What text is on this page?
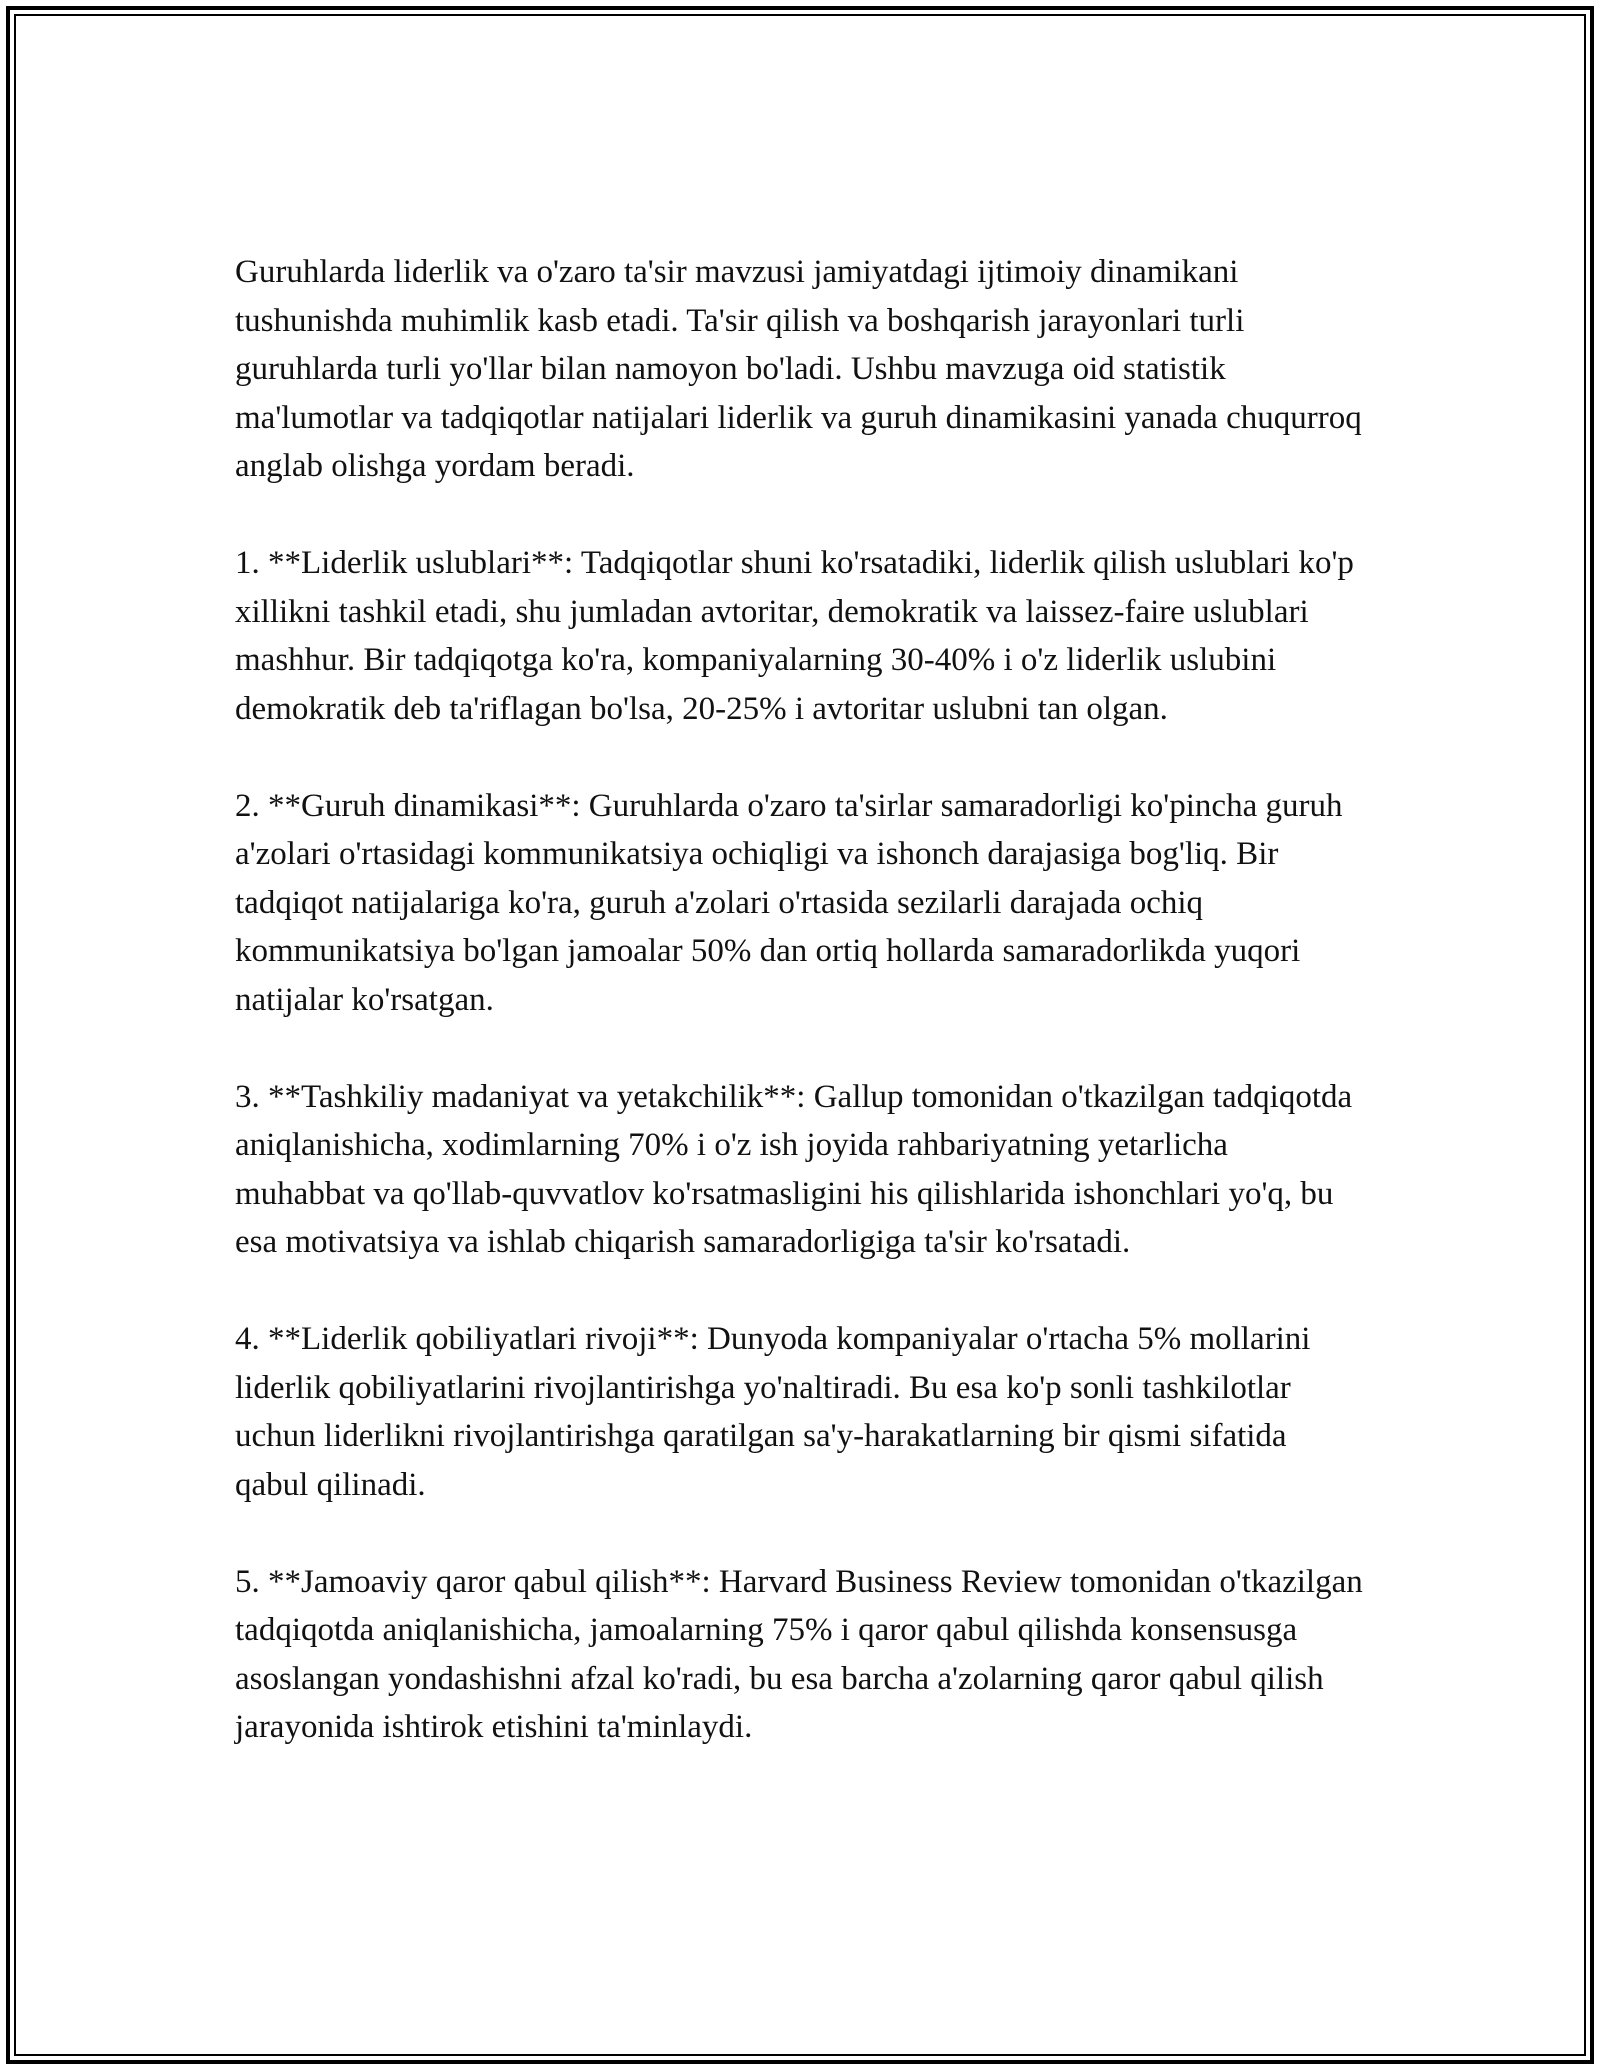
Guruhlarda liderlik va o'zaro ta'sir mavzusi jamiyatdagi ijtimoiy dinamikani tushunishda muhimlik kasb etadi. Ta'sir qilish va boshqarish jarayonlari turli guruhlarda turli yo'llar bilan namoyon bo'ladi. Ushbu mavzuga oid statistik ma'lumotlar va tadqiqotlar natijalari liderlik va guruh dinamikasini yanada chuqurroq anglab olishga yordam beradi.

1. **Liderlik uslublari**: Tadqiqotlar shuni ko'rsatadiki, liderlik qilish uslublari ko'p xillikni tashkil etadi, shu jumladan avtoritar, demokratik va laissez-faire uslublari mashhur. Bir tadqiqotga ko'ra, kompaniyalarning 30-40% i o'z liderlik uslubini demokratik deb ta'riflagan bo'lsa, 20-25% i avtoritar uslubni tan olgan.

2. **Guruh dinamikasi**: Guruhlarda o'zaro ta'sirlar samaradorligi ko'pincha guruh a'zolari o'rtasidagi kommunikatsiya ochiqligi va ishonch darajasiga bog'liq. Bir tadqiqot natijalariga ko'ra, guruh a'zolari o'rtasida sezilarli darajada ochiq kommunikatsiya bo'lgan jamoalar 50% dan ortiq hollarda samaradorlikda yuqori natijalar ko'rsatgan.

3. **Tashkiliy madaniyat va yetakchilik**: Gallup tomonidan o'tkazilgan tadqiqotda aniqlanishicha, xodimlarning 70% i o'z ish joyida rahbariyatning yetarlicha muhabbat va qo'llab-quvvatlov ko'rsatmasligini his qilishlarida ishonchlari yo'q, bu esa motivatsiya va ishlab chiqarish samaradorligiga ta'sir ko'rsatadi.

4. **Liderlik qobiliyatlari rivoji**: Dunyoda kompaniyalar o'rtacha 5% mollarini liderlik qobiliyatlarini rivojlantirishga yo'naltiradi. Bu esa ko'p sonli tashkilotlar uchun liderlikni rivojlantirishga qaratilgan sa'y-harakatlarning bir qismi sifatida qabul qilinadi.

5. **Jamoaviy qaror qabul qilish**: Harvard Business Review tomonidan o'tkazilgan tadqiqotda aniqlanishicha, jamoalarning 75% i qaror qabul qilishda konsensusga asoslangan yondashishni afzal ko'radi, bu esa barcha a'zolarning qaror qabul qilish jarayonida ishtirok etishini ta'minlaydi.
